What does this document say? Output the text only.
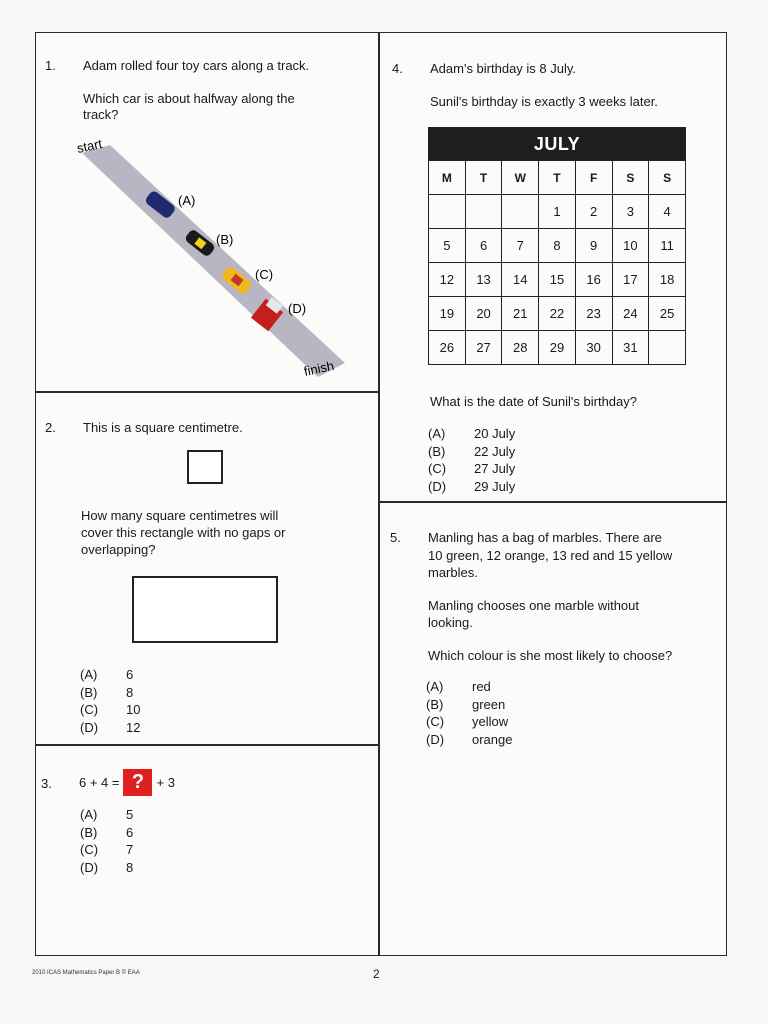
1. Adam rolled four toy cars along a track.
Which car is about halfway along the
track?
start
finish
(A)
(B)
(C)
(D)
2. This is a square centimetre.
How many square centimetres will
cover this rectangle with no gaps or
overlapping?
(A)	6
(B)	8
(C)	10
(D)	12
3. 6 + 4 = ? + 3
(A)	5
(B)	6
(C)	7
(D)	8
4. Adam's birthday is 8 July.
Sunil's birthday is exactly 3 weeks later.
JULY						
M	T	W	T	F	S	S
			1	2	3	4
5	6	7	8	9	10	11
12	13	14	15	16	17	18
19	20	21	22	23	24	25
26	27	28	29	30	31	
What is the date of Sunil's birthday?
(A)	20 July
(B)	22 July
(C)	27 July
(D)	29 July
5. Manling has a bag of marbles. There are
10 green, 12 orange, 13 red and 15 yellow
marbles.
Manling chooses one marble without
looking.
Which colour is she most likely to choose?
(A)	red
(B)	green
(C)	yellow
(D)	orange
2010 ICAS Mathematics Paper B © EAA	2
